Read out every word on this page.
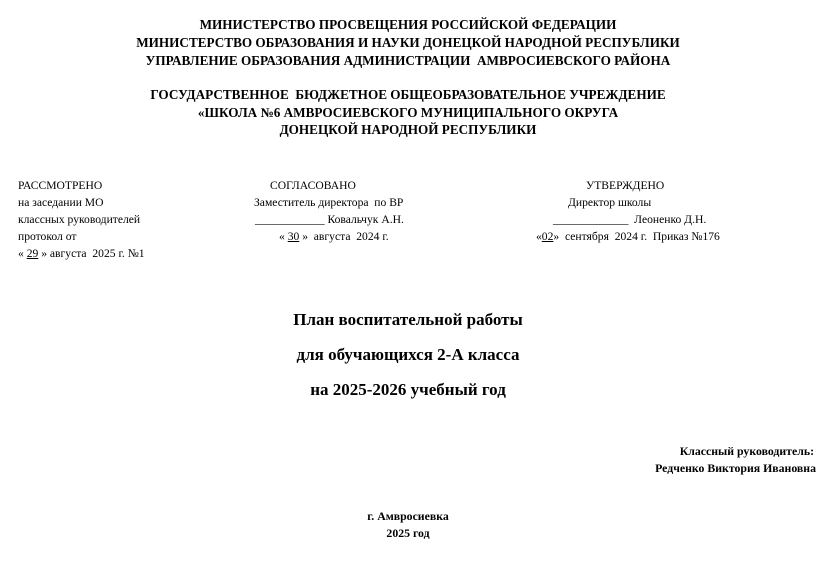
МИНИСТЕРСТВО ПРОСВЕЩЕНИЯ РОССИЙСКОЙ ФЕДЕРАЦИИ
МИНИСТЕРСТВО ОБРАЗОВАНИЯ И НАУКИ ДОНЕЦКОЙ НАРОДНОЙ РЕСПУБЛИКИ
УПРАВЛЕНИЕ ОБРАЗОВАНИЯ АДМИНИСТРАЦИИ  АМВРОСИЕВСКОГО РАЙОНА
ГОСУДАРСТВЕННОЕ  БЮДЖЕТНОЕ ОБЩЕОБРАЗОВАТЕЛЬНОЕ УЧРЕЖДЕНИЕ
«ШКОЛА №6 АМВРОСИЕВСКОГО МУНИЦИПАЛЬНОГО ОКРУГА
ДОНЕЦКОЙ НАРОДНОЙ РЕСПУБЛИКИ
РАССМОТРЕНО
на заседании МО
классных руководителей
протокол от
« 29 » августа  2025 г. №1
СОГЛАСОВАНО
Заместитель директора  по ВР
____________ Ковальчук А.Н.
« 30 »  августа  2024 г.
УТВЕРЖДЕНО
Директор школы
_____________  Леоненко Д.Н.
«02»  сентября  2024 г.  Приказ №176
План воспитательной работы
для обучающихся 2-А класса
на 2025-2026 учебный год
Классный руководитель:
Редченко Виктория Ивановна
г. Амвросиевка
2025 год
